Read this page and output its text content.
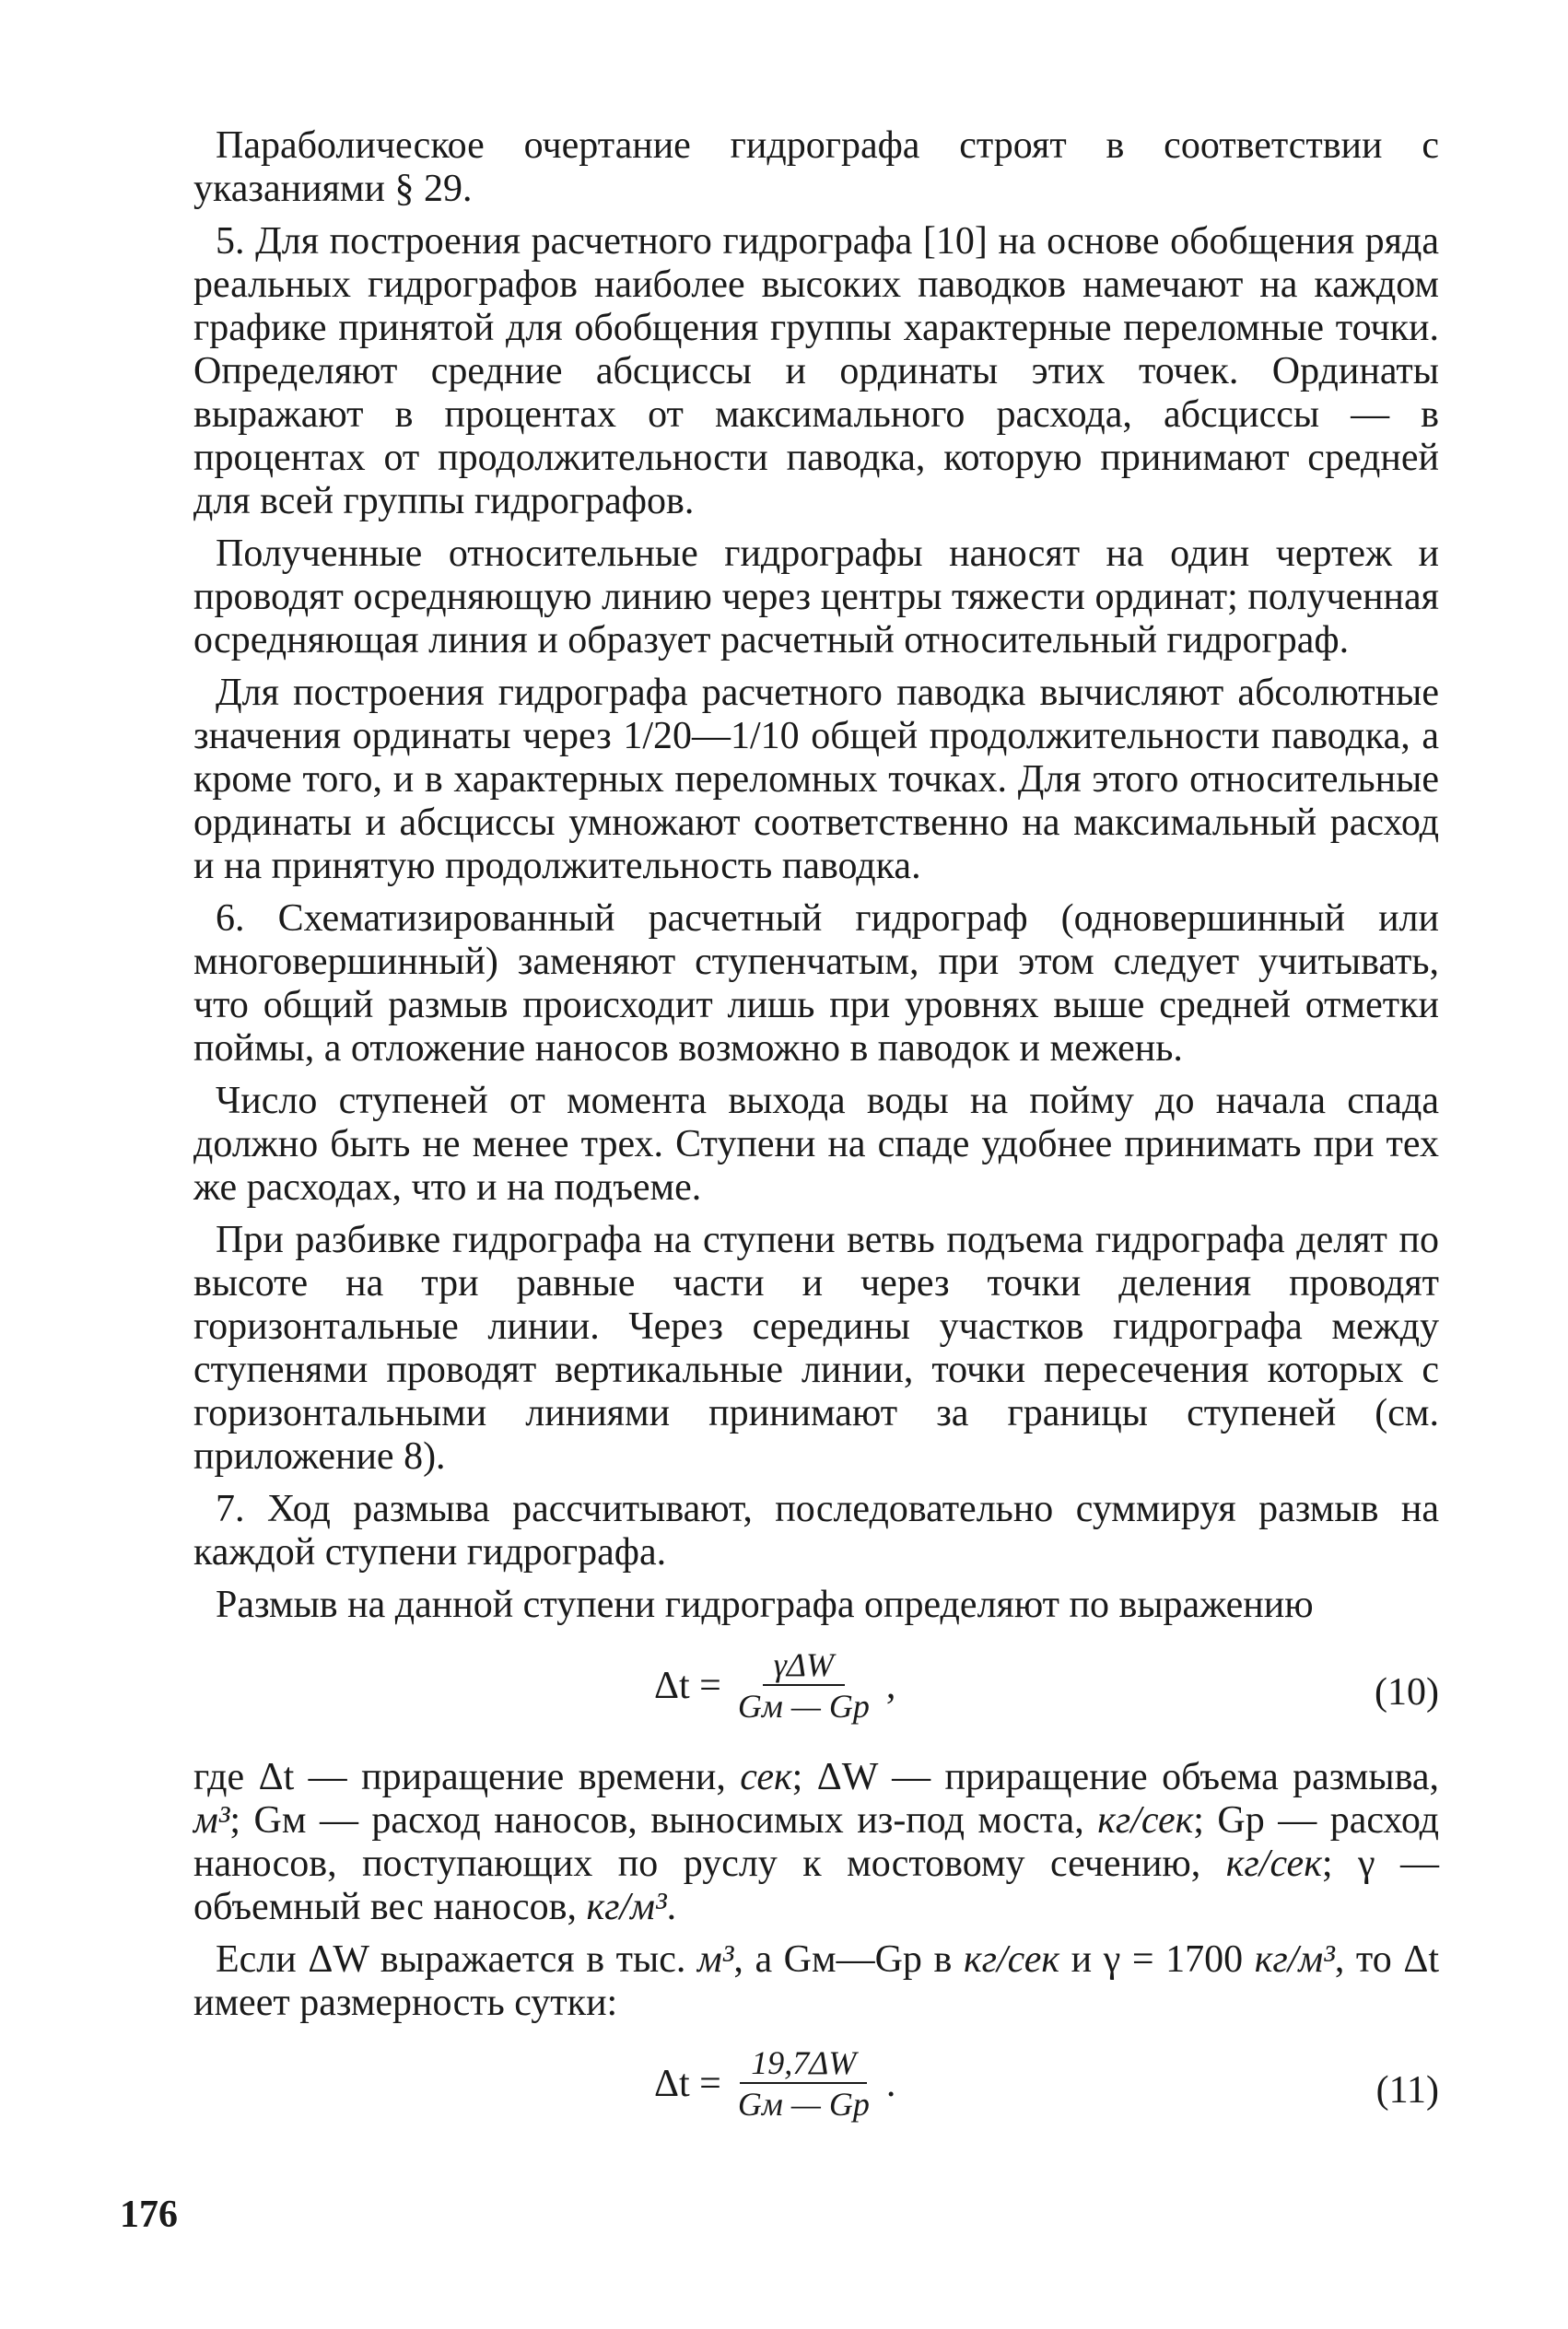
Параболическое очертание гидрографа строят в соответствии с указаниями § 29.

5. Для построения расчетного гидрографа [10] на основе обобщения ряда реальных гидрографов наиболее высоких паводков намечают на каждом графике принятой для обобщения группы характерные переломные точки. Определяют средние абсциссы и ординаты этих точек. Ординаты выражают в процентах от максимального расхода, абсциссы — в процентах от продолжительности паводка, которую принимают средней для всей группы гидрографов.

Полученные относительные гидрографы наносят на один чертеж и проводят осредняющую линию через центры тяжести ординат; полученная осредняющая линия и образует расчетный относительный гидрограф.

Для построения гидрографа расчетного паводка вычисляют абсолютные значения ординаты через 1/20—1/10 общей продолжительности паводка, а кроме того, и в характерных переломных точках. Для этого относительные ординаты и абсциссы умножают соответственно на максимальный расход и на принятую продолжительность паводка.

6. Схематизированный расчетный гидрограф (одновершинный или многовершинный) заменяют ступенчатым, при этом следует учитывать, что общий размыв происходит лишь при уровнях выше средней отметки поймы, а отложение наносов возможно в паводок и межень.

Число ступеней от момента выхода воды на пойму до начала спада должно быть не менее трех. Ступени на спаде удобнее принимать при тех же расходах, что и на подъеме.

При разбивке гидрографа на ступени ветвь подъема гидрографа делят по высоте на три равные части и через точки деления проводят горизонтальные линии. Через середины участков гидрографа между ступенями проводят вертикальные линии, точки пересечения которых с горизонтальными линиями принимают за границы ступеней (см. приложение 8).

7. Ход размыва рассчитывают, последовательно суммируя размыв на каждой ступени гидрографа.

Размыв на данной ступени гидрографа определяют по выражению

$\Delta t = \frac{\text{γΔW}}{Gм — Gр}$ ,	(10)

где Δt — приращение времени, сек; ΔW — приращение объема размыва, м³; Gм — расход наносов, выносимых из-под моста, кг/сек; Gр — расход наносов, поступающих по руслу к мостовому сечению, кг/сек; γ — объемный вес наносов, кг/м³.

Если ΔW выражается в тыс. м³, а Gм—Gр в кг/сек и γ = 1700 кг/м³, то Δt имеет размерность сутки:

$\Delta t = \frac{19,7\Delta W}{Gм — Gр}$ .	(11)
176
